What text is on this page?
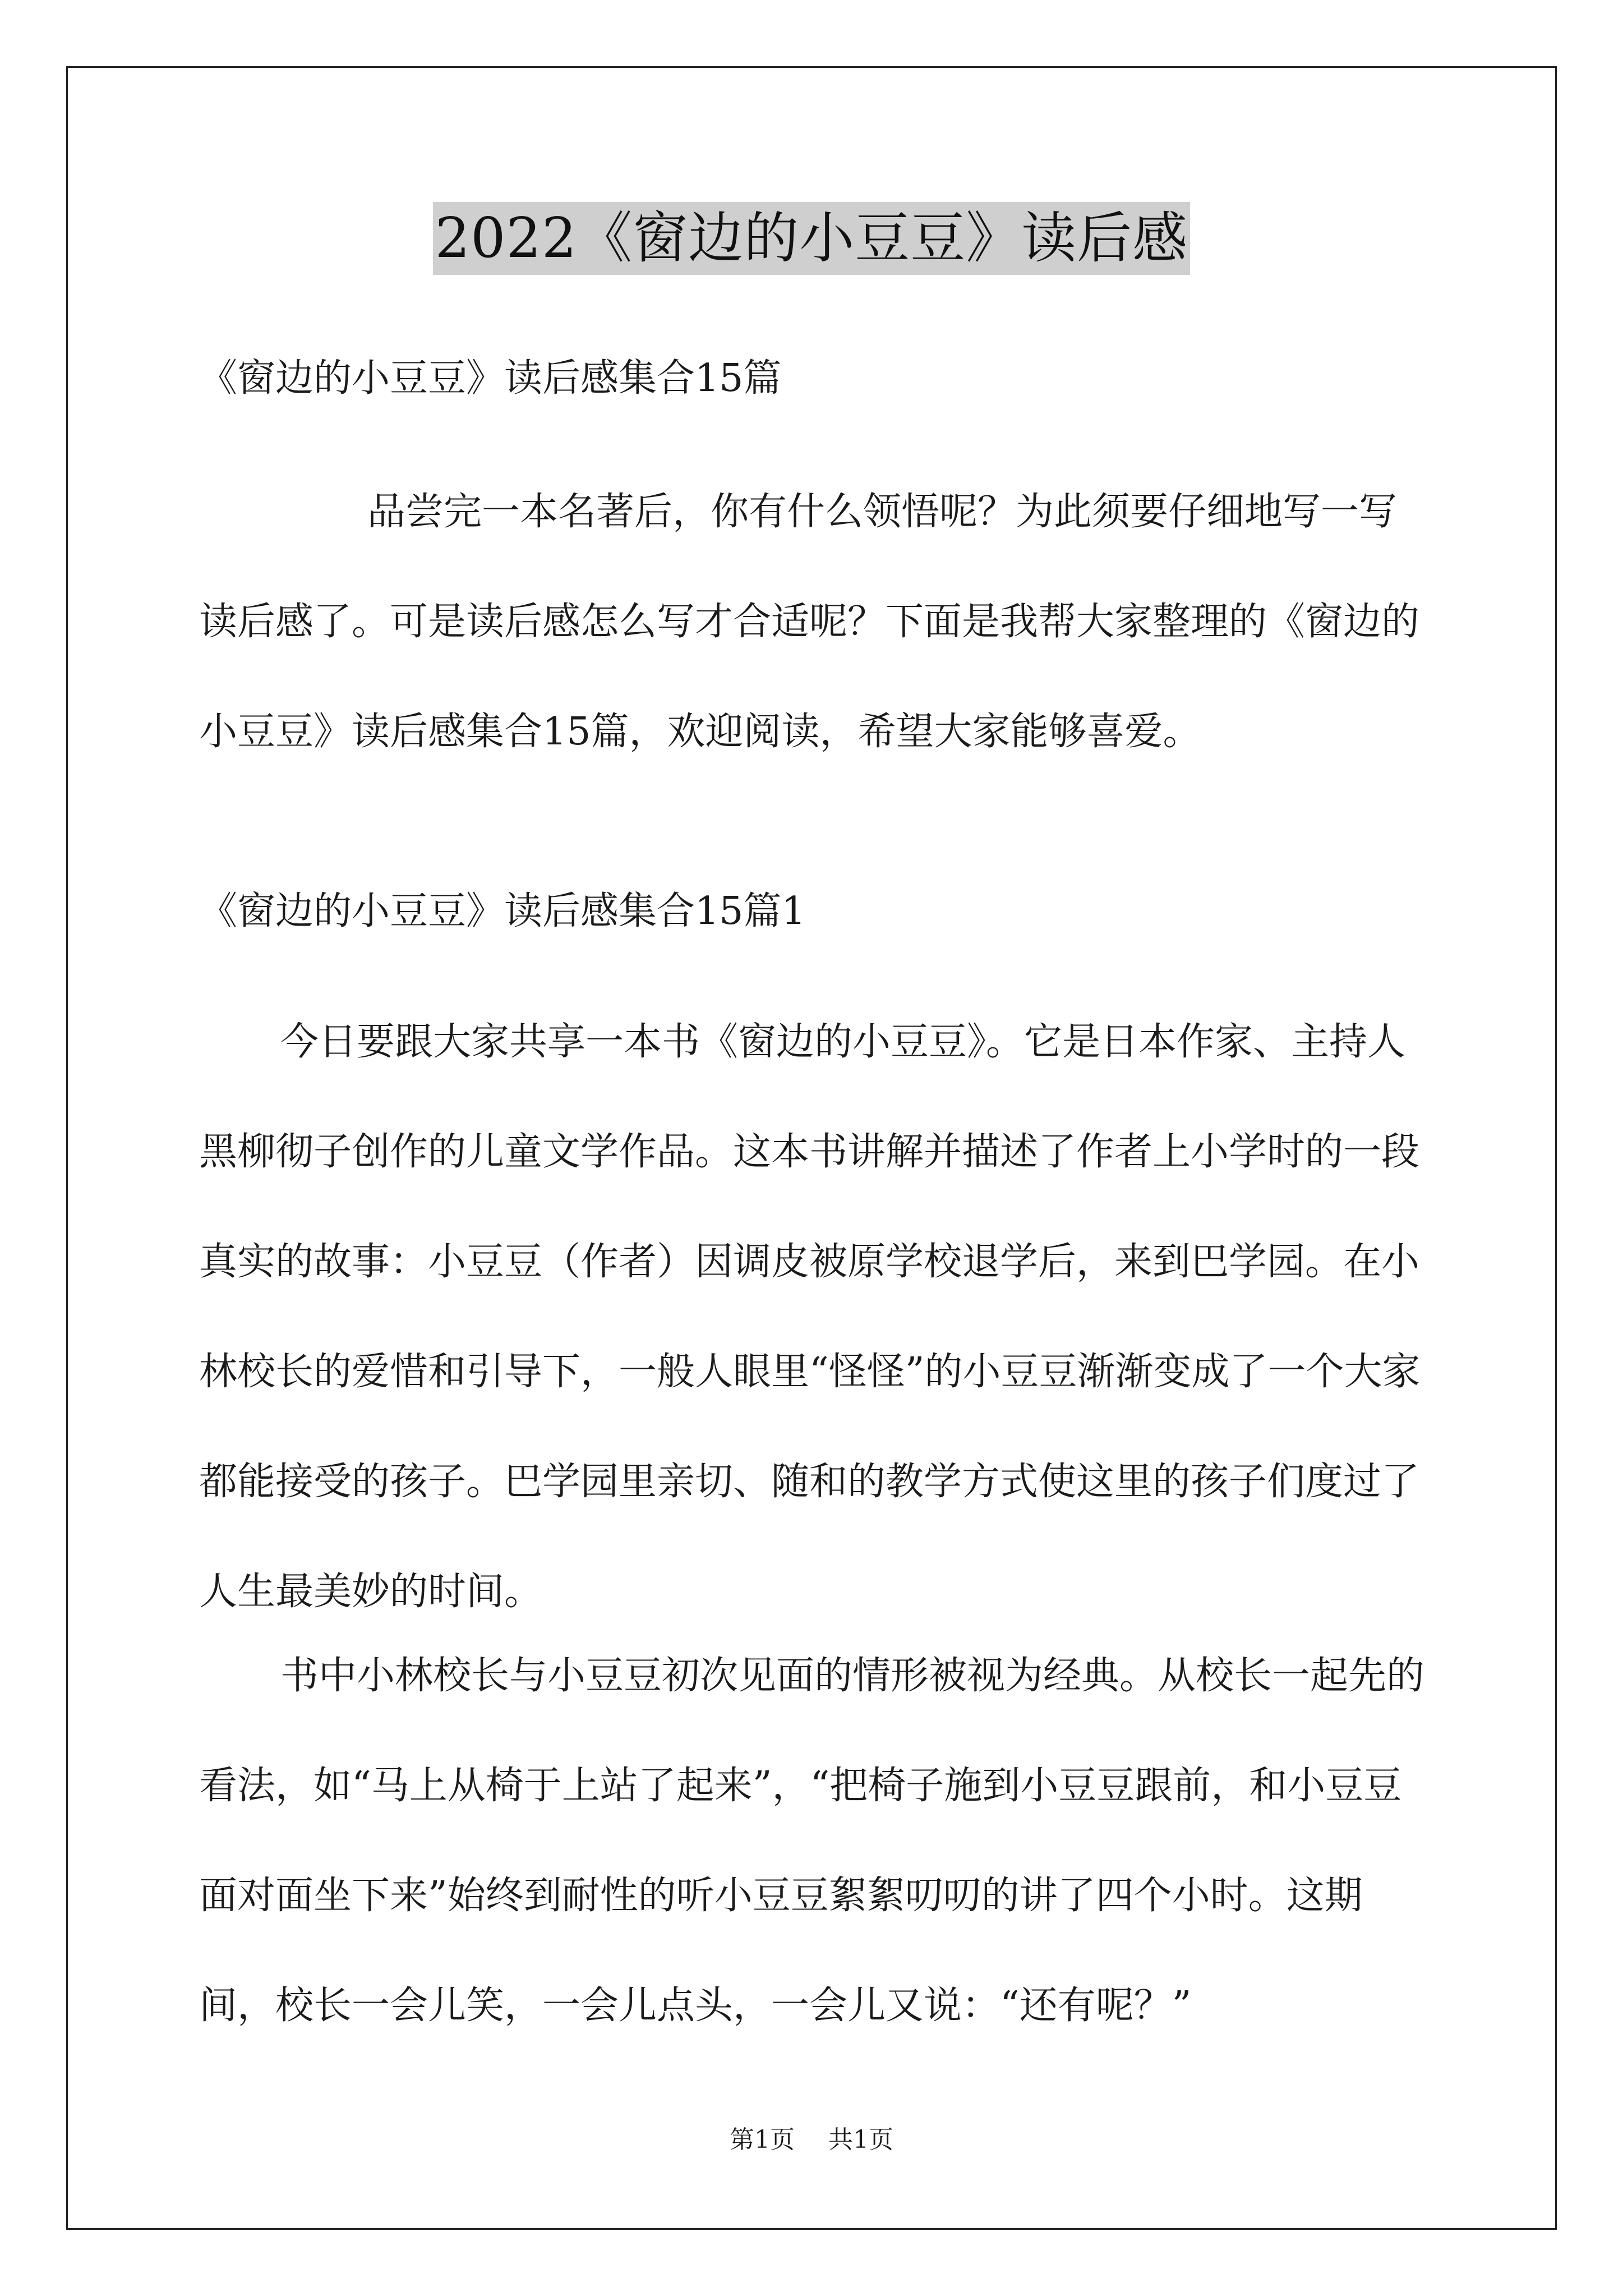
2022《窗边的小豆豆》读后感
《窗边的小豆豆》读后感集合15篇
品尝完一本名著后，你有什么领悟呢？为此须要仔细地写一写读后感了。可是读后感怎么写才合适呢？下面是我帮大家整理的《窗边的小豆豆》读后感集合15篇，欢迎阅读，希望大家能够喜爱。
《窗边的小豆豆》读后感集合15篇1
今日要跟大家共享一本书《窗边的小豆豆》。它是日本作家、主持人黑柳彻子创作的儿童文学作品。这本书讲解并描述了作者上小学时的一段真实的故事：小豆豆（作者）因调皮被原学校退学后，来到巴学园。在小林校长的爱惜和引导下，一般人眼里“怪怪”的小豆豆渐渐变成了一个大家都能接受的孩子。巴学园里亲切、随和的教学方式使这里的孩子们度过了人生最美妙的时间。
书中小林校长与小豆豆初次见面的情形被视为经典。从校长一起先的看法，如“马上从椅于上站了起来”，“把椅子施到小豆豆跟前，和小豆豆面对面坐下来”始终到耐性的听小豆豆絮絮叨叨的讲了四个小时。这期间，校长一会儿笑，一会儿点头，一会儿又说：“还有呢？”
第1页 共1页
